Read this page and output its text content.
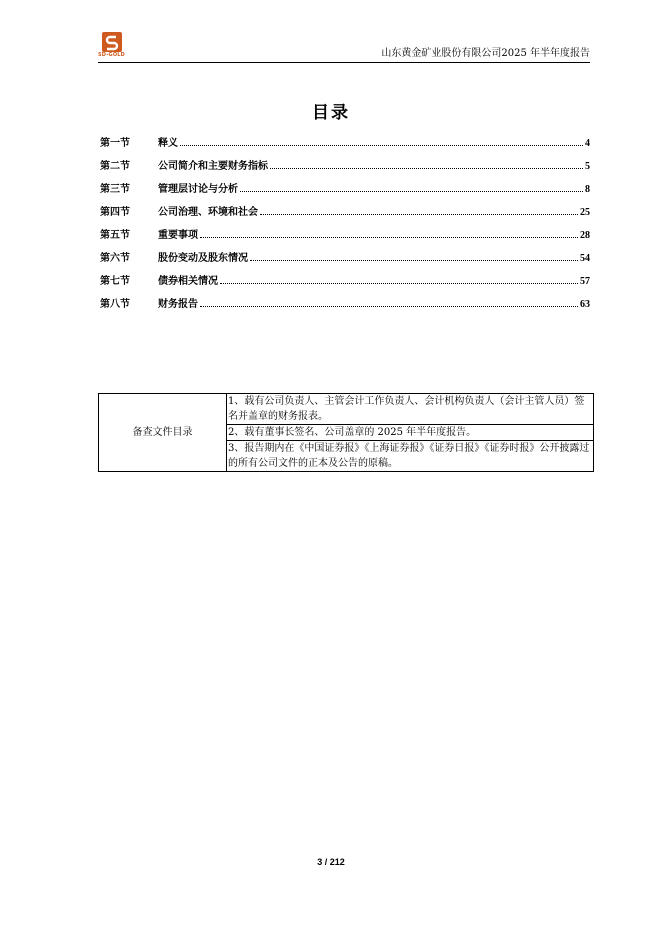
SD-GOLD	山东黄金矿业股份有限公司2025 年半年度报告
目录
第一节	释义	4
第二节	公司简介和主要财务指标	5
第三节	管理层讨论与分析	8
第四节	公司治理、环境和社会	25
第五节	重要事项	28
第六节	股份变动及股东情况	54
第七节	债券相关情况	57
第八节	财务报告	63
备查文件目录	1、载有公司负责人、主管会计工作负责人、会计机构负责人（会计主管人员）签名并盖章的财务报表。
2、载有董事长签名、公司盖章的 2025 年半年度报告。
3、报告期内在《中国证券报》《上海证券报》《证券日报》《证券时报》公开披露过的所有公司文件的正本及公告的原稿。
3 / 212
